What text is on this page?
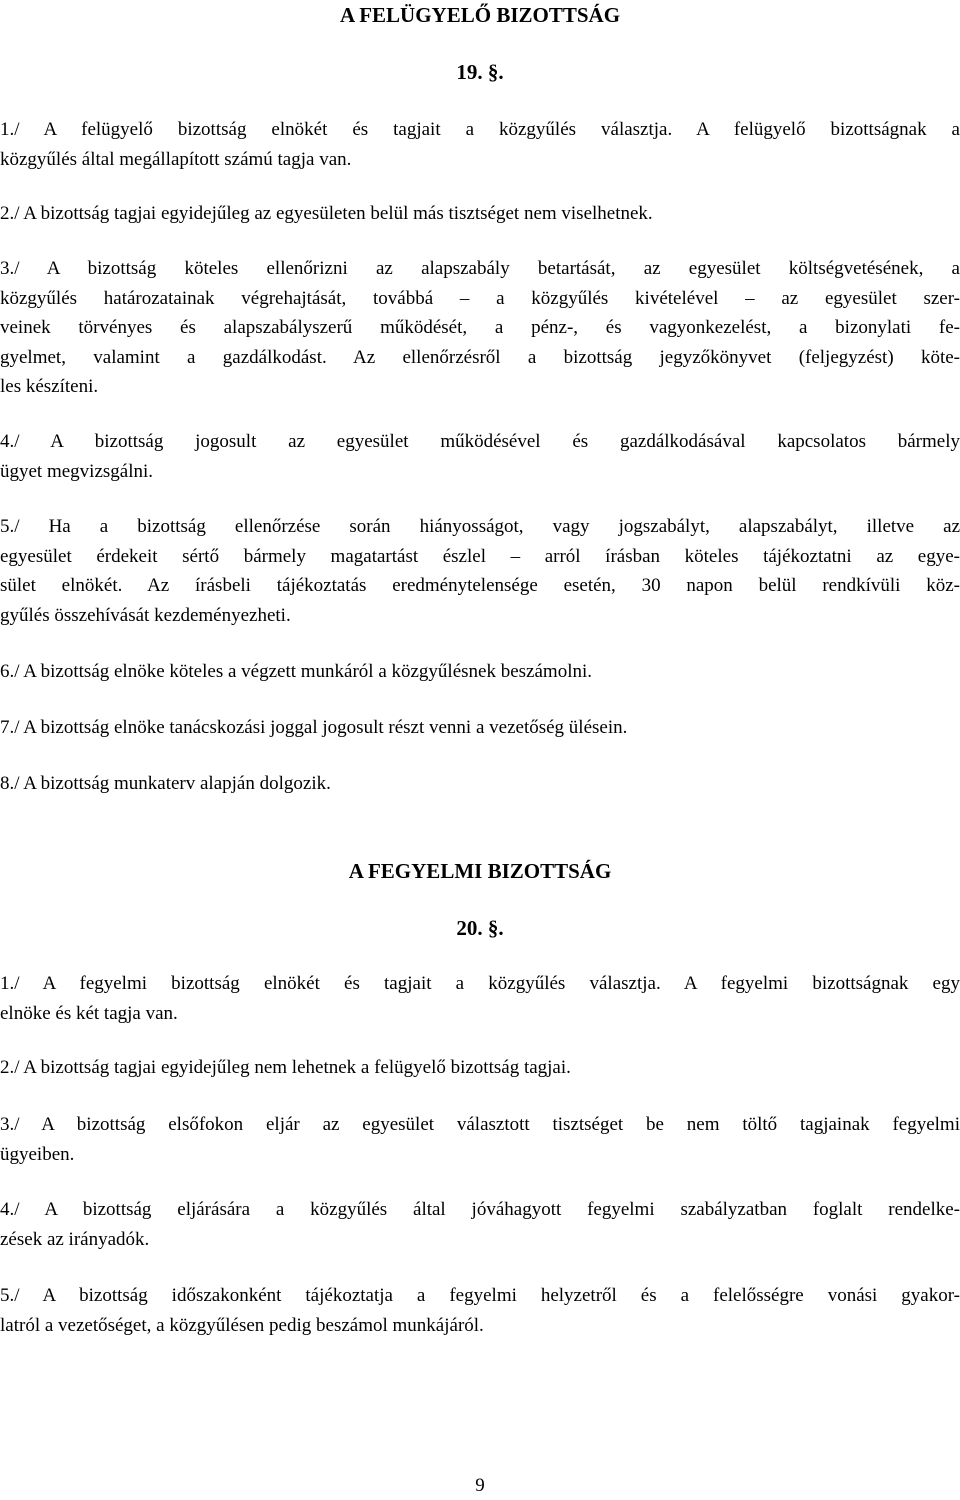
A FELÜGYELŐ BIZOTTSÁG
19. §.

1./ A felügyelő bizottság elnökét és tagjait a közgyűlés választja. A felügyelő bizottságnak a
közgyűlés által megállapított számú tagja van.

2./ A bizottság tagjai egyidejűleg az egyesületen belül más tisztséget nem viselhetnek.

3./ A bizottság köteles ellenőrizni az alapszabály betartását, az egyesület költségvetésének, a
közgyűlés határozatainak végrehajtását, továbbá – a közgyűlés kivételével – az egyesület szer-
veinek törvényes és alapszabályszerű működését, a pénz-, és vagyonkezelést, a bizonylati fe-
gyelmet, valamint a gazdálkodást. Az ellenőrzésről a bizottság jegyzőkönyvet (feljegyzést) köte-
les készíteni.

4./ A bizottság jogosult az egyesület működésével és gazdálkodásával kapcsolatos bármely
ügyet megvizsgálni.

5./ Ha a bizottság ellenőrzése során hiányosságot, vagy jogszabályt, alapszabályt, illetve az
egyesület érdekeit sértő bármely magatartást észlel – arról írásban köteles tájékoztatni az egye-
sület elnökét. Az írásbeli tájékoztatás eredménytelensége esetén, 30 napon belül rendkívüli köz-
gyűlés összehívását kezdeményezheti.

6./ A bizottság elnöke köteles a végzett munkáról a közgyűlésnek beszámolni.

7./ A bizottság elnöke tanácskozási joggal jogosult részt venni a vezetőség ülésein.

8./ A bizottság munkaterv alapján dolgozik.

A FEGYELMI BIZOTTSÁG
20. §.

1./ A fegyelmi bizottság elnökét és tagjait a közgyűlés választja. A fegyelmi bizottságnak egy
elnöke és két tagja van.

2./ A bizottság tagjai egyidejűleg nem lehetnek a felügyelő bizottság tagjai.

3./ A bizottság elsőfokon eljár az egyesület választott tisztséget be nem töltő tagjainak fegyelmi
ügyeiben.

4./ A bizottság eljárására a közgyűlés által jóváhagyott fegyelmi szabályzatban foglalt rendelke-
zések az irányadók.

5./ A bizottság időszakonként tájékoztatja a fegyelmi helyzetről és a felelősségre vonási gyakor-
latról a vezetőséget, a közgyűlésen pedig beszámol munkájáról.

9
